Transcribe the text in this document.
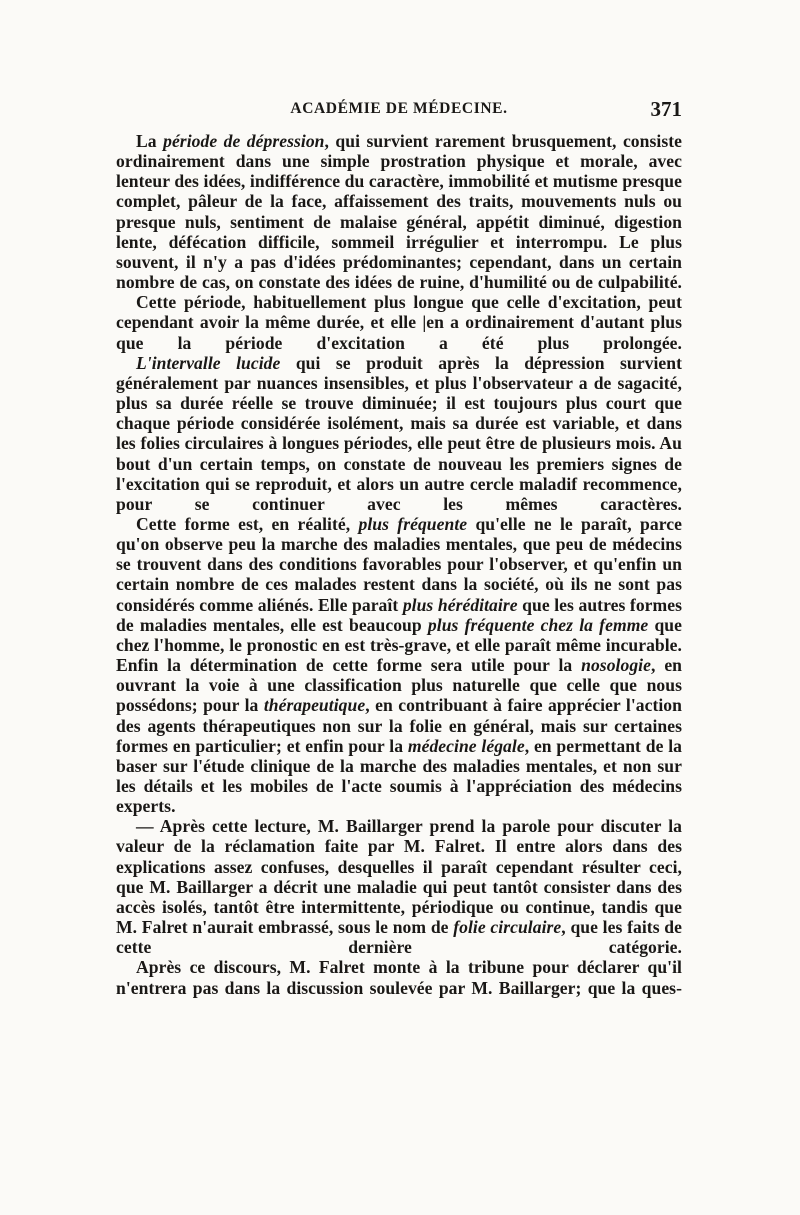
ACADÉMIE DE MÉDECINE.	371

La période de dépression, qui survient rarement brusquement, consiste ordinairement dans une simple prostration physique et morale, avec lenteur des idées, indifférence du caractère, immobilité et mutisme presque complet, pâleur de la face, affaissement des traits, mouvements nuls ou presque nuls, sentiment de malaise général, appétit diminué, digestion lente, défécation difficile, sommeil irrégulier et interrompu. Le plus souvent, il n'y a pas d'idées prédominantes; cependant, dans un certain nombre de cas, on constate des idées de ruine, d'humilité ou de culpabilité.

Cette période, habituellement plus longue que celle d'excitation, peut cependant avoir la même durée, et elle |en a ordinairement d'autant plus que la période d'excitation a été plus prolongée.

L'intervalle lucide qui se produit après la dépression survient généralement par nuances insensibles, et plus l'observateur a de sagacité, plus sa durée réelle se trouve diminuée; il est toujours plus court que chaque période considérée isolément, mais sa durée est variable, et dans les folies circulaires à longues périodes, elle peut être de plusieurs mois. Au bout d'un certain temps, on constate de nouveau les premiers signes de l'excitation qui se reproduit, et alors un autre cercle maladif recommence, pour se continuer avec les mêmes caractères.

Cette forme est, en réalité, plus fréquente qu'elle ne le paraît, parce qu'on observe peu la marche des maladies mentales, que peu de médecins se trouvent dans des conditions favorables pour l'observer, et qu'enfin un certain nombre de ces malades restent dans la société, où ils ne sont pas considérés comme aliénés. Elle paraît plus héréditaire que les autres formes de maladies mentales, elle est beaucoup plus fréquente chez la femme que chez l'homme, le pronostic en est très-grave, et elle paraît même incurable. Enfin la détermination de cette forme sera utile pour la nosologie, en ouvrant la voie à une classification plus naturelle que celle que nous possédons; pour la thérapeutique, en contribuant à faire apprécier l'action des agents thérapeutiques non sur la folie en général, mais sur certaines formes en particulier; et enfin pour la médecine légale, en permettant de la baser sur l'étude clinique de la marche des maladies mentales, et non sur les détails et les mobiles de l'acte soumis à l'appréciation des médecins experts.

— Après cette lecture, M. Baillarger prend la parole pour discuter la valeur de la réclamation faite par M. Falret. Il entre alors dans des explications assez confuses, desquelles il paraît cependant résulter ceci, que M. Baillarger a décrit une maladie qui peut tantôt consister dans des accès isolés, tantôt être intermittente, périodique ou continue, tandis que M. Falret n'aurait embrassé, sous le nom de folie circulaire, que les faits de cette dernière catégorie.

Après ce discours, M. Falret monte à la tribune pour déclarer qu'il n'entrera pas dans la discussion soulevée par M. Baillarger; que la ques-
